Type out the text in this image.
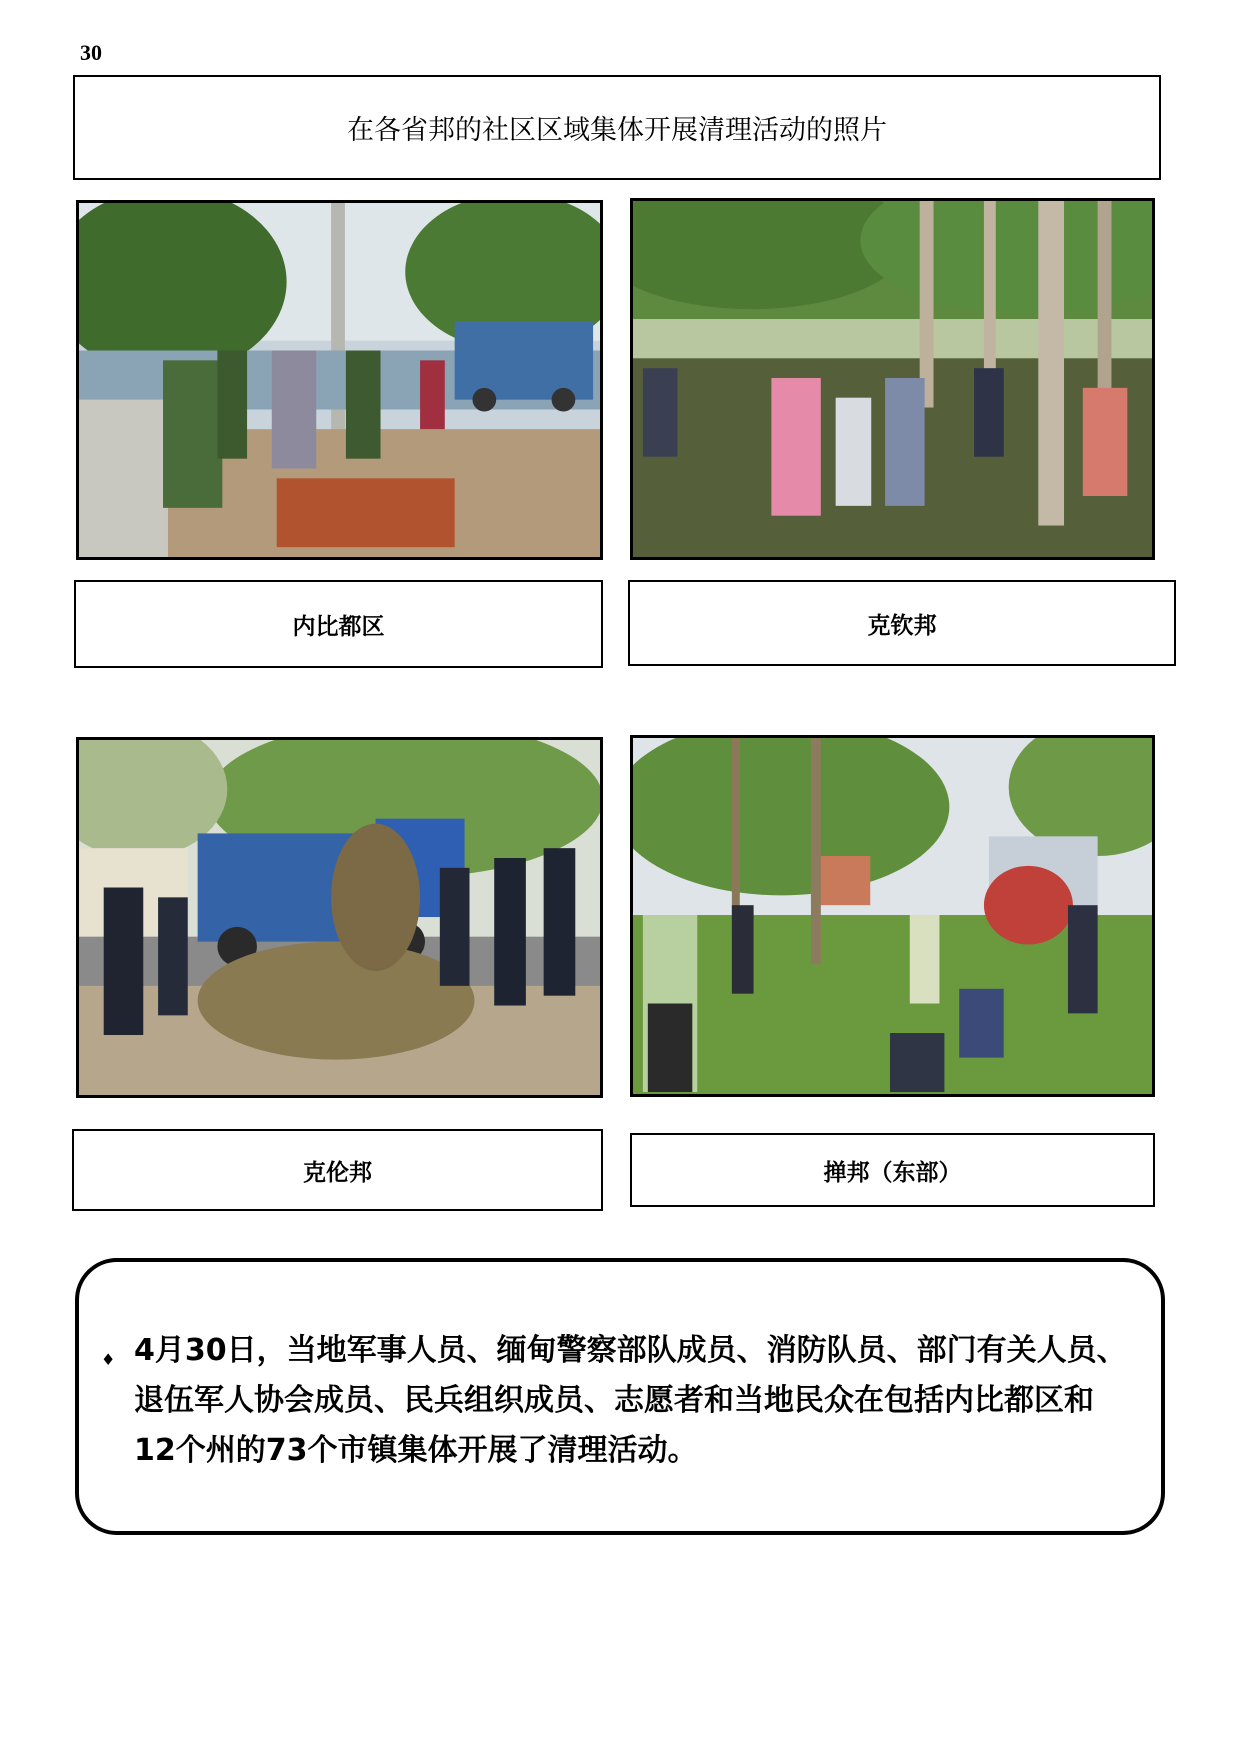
30
在各省邦的社区区域集体开展清理活动的照片
内比都区	克钦邦
克伦邦	掸邦（东部）
♦ 4月30日，当地军事人员、缅甸警察部队成员、消防队员、部门有关人员、退伍军人协会成员、民兵组织成员、志愿者和当地民众在包括内比都区和12个州的73个市镇集体开展了清理活动。
